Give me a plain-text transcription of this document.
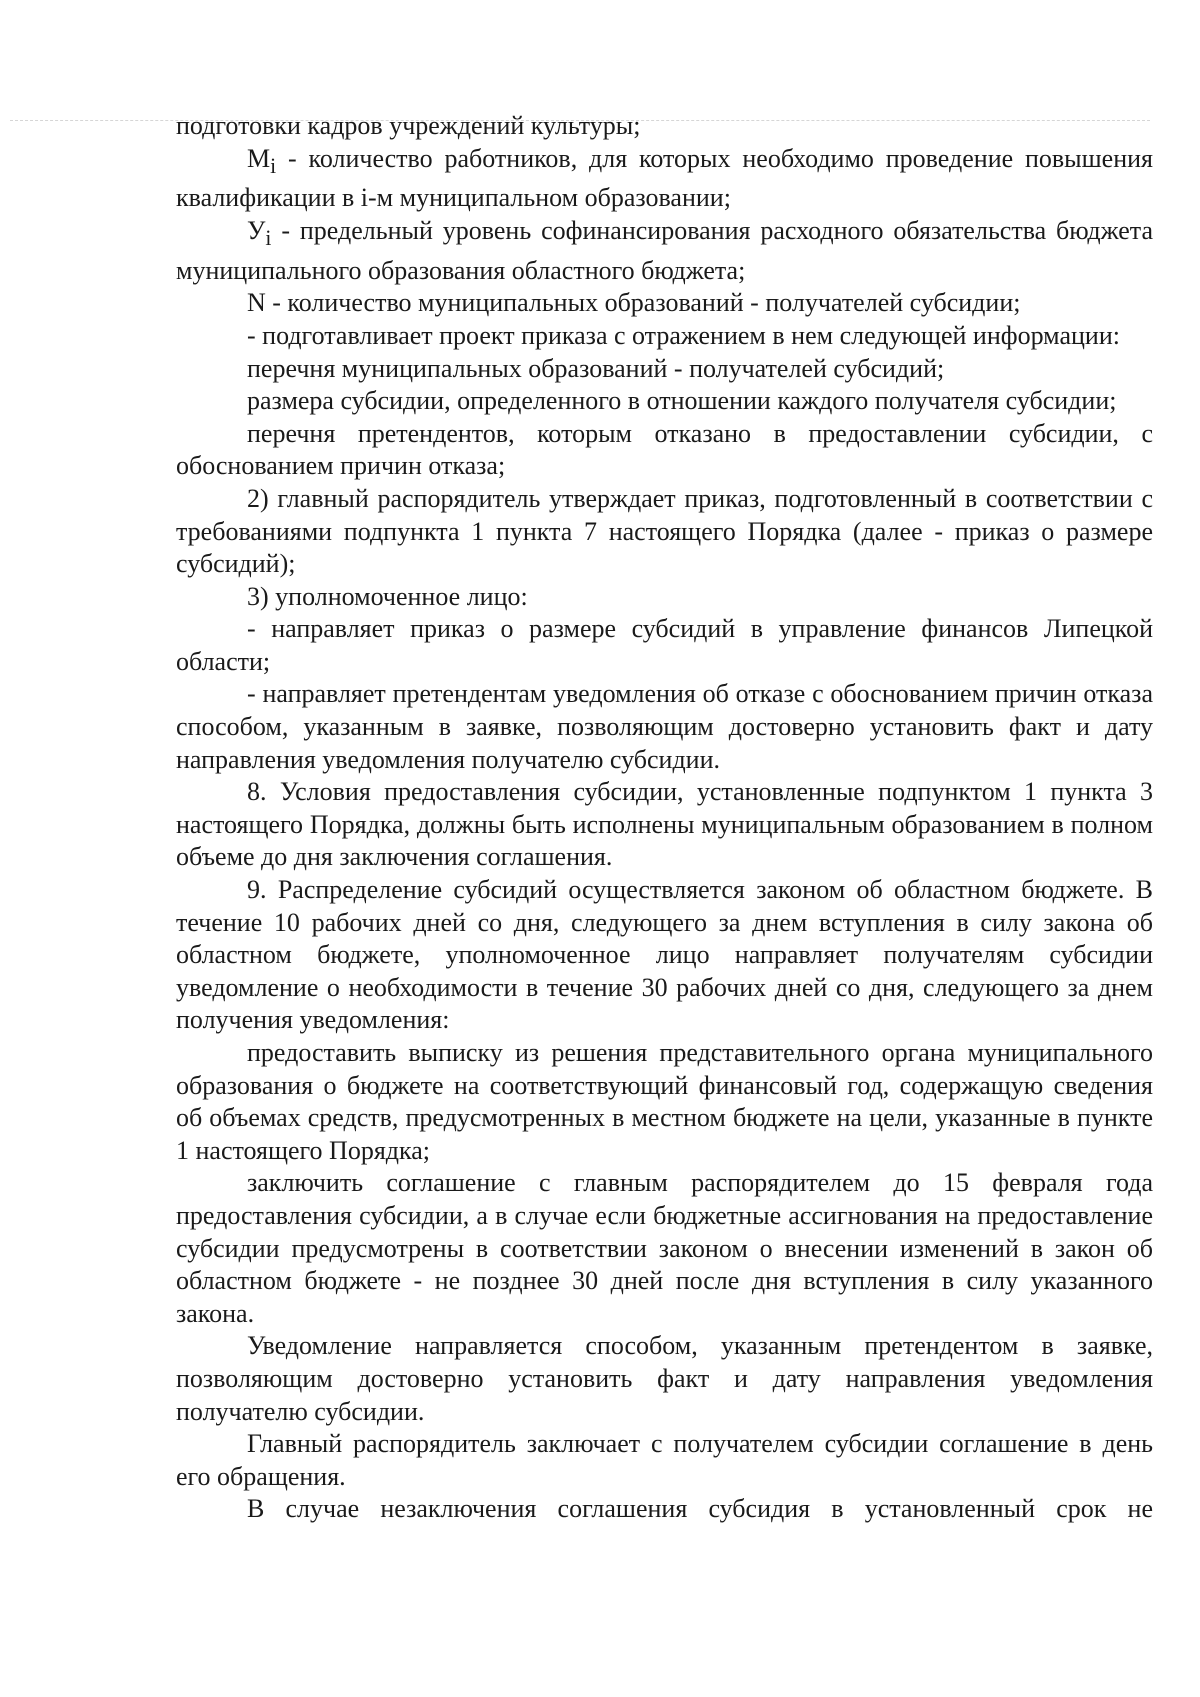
подготовки кадров учреждений культуры;

$M_i$ - количество работников, для которых необходимо проведение повышения квалификации в i-м муниципальном образовании;

$У_i$ - предельный уровень софинансирования расходного обязательства бюджета муниципального образования областного бюджета;

N - количество муниципальных образований - получателей субсидии;

- подготавливает проект приказа с отражением в нем следующей информации:

перечня муниципальных образований - получателей субсидий;

размера субсидии, определенного в отношении каждого получателя субсидии;

перечня претендентов, которым отказано в предоставлении субсидии, с обоснованием причин отказа;

2) главный распорядитель утверждает приказ, подготовленный в соответствии с требованиями подпункта 1 пункта 7 настоящего Порядка (далее - приказ о размере субсидий);

3) уполномоченное лицо:

- направляет приказ о размере субсидий в управление финансов Липецкой области;

- направляет претендентам уведомления об отказе с обоснованием причин отказа способом, указанным в заявке, позволяющим достоверно установить факт и дату направления уведомления получателю субсидии.

8. Условия предоставления субсидии, установленные подпунктом 1 пункта 3 настоящего Порядка, должны быть исполнены муниципальным образованием в полном объеме до дня заключения соглашения.

9. Распределение субсидий осуществляется законом об областном бюджете. В течение 10 рабочих дней со дня, следующего за днем вступления в силу закона об областном бюджете, уполномоченное лицо направляет получателям субсидии уведомление о необходимости в течение 30 рабочих дней со дня, следующего за днем получения уведомления:

предоставить выписку из решения представительного органа муниципального образования о бюджете на соответствующий финансовый год, содержащую сведения об объемах средств, предусмотренных в местном бюджете на цели, указанные в пункте 1 настоящего Порядка;

заключить соглашение с главным распорядителем до 15 февраля года предоставления субсидии, а в случае если бюджетные ассигнования на предоставление субсидии предусмотрены в соответствии законом о внесении изменений в закон об областном бюджете - не позднее 30 дней после дня вступления в силу указанного закона.

Уведомление направляется способом, указанным претендентом в заявке, позволяющим достоверно установить факт и дату направления уведомления получателю субсидии.

Главный распорядитель заключает с получателем субсидии соглашение в день его обращения.

В случае незаключения соглашения субсидия в установленный срок не
